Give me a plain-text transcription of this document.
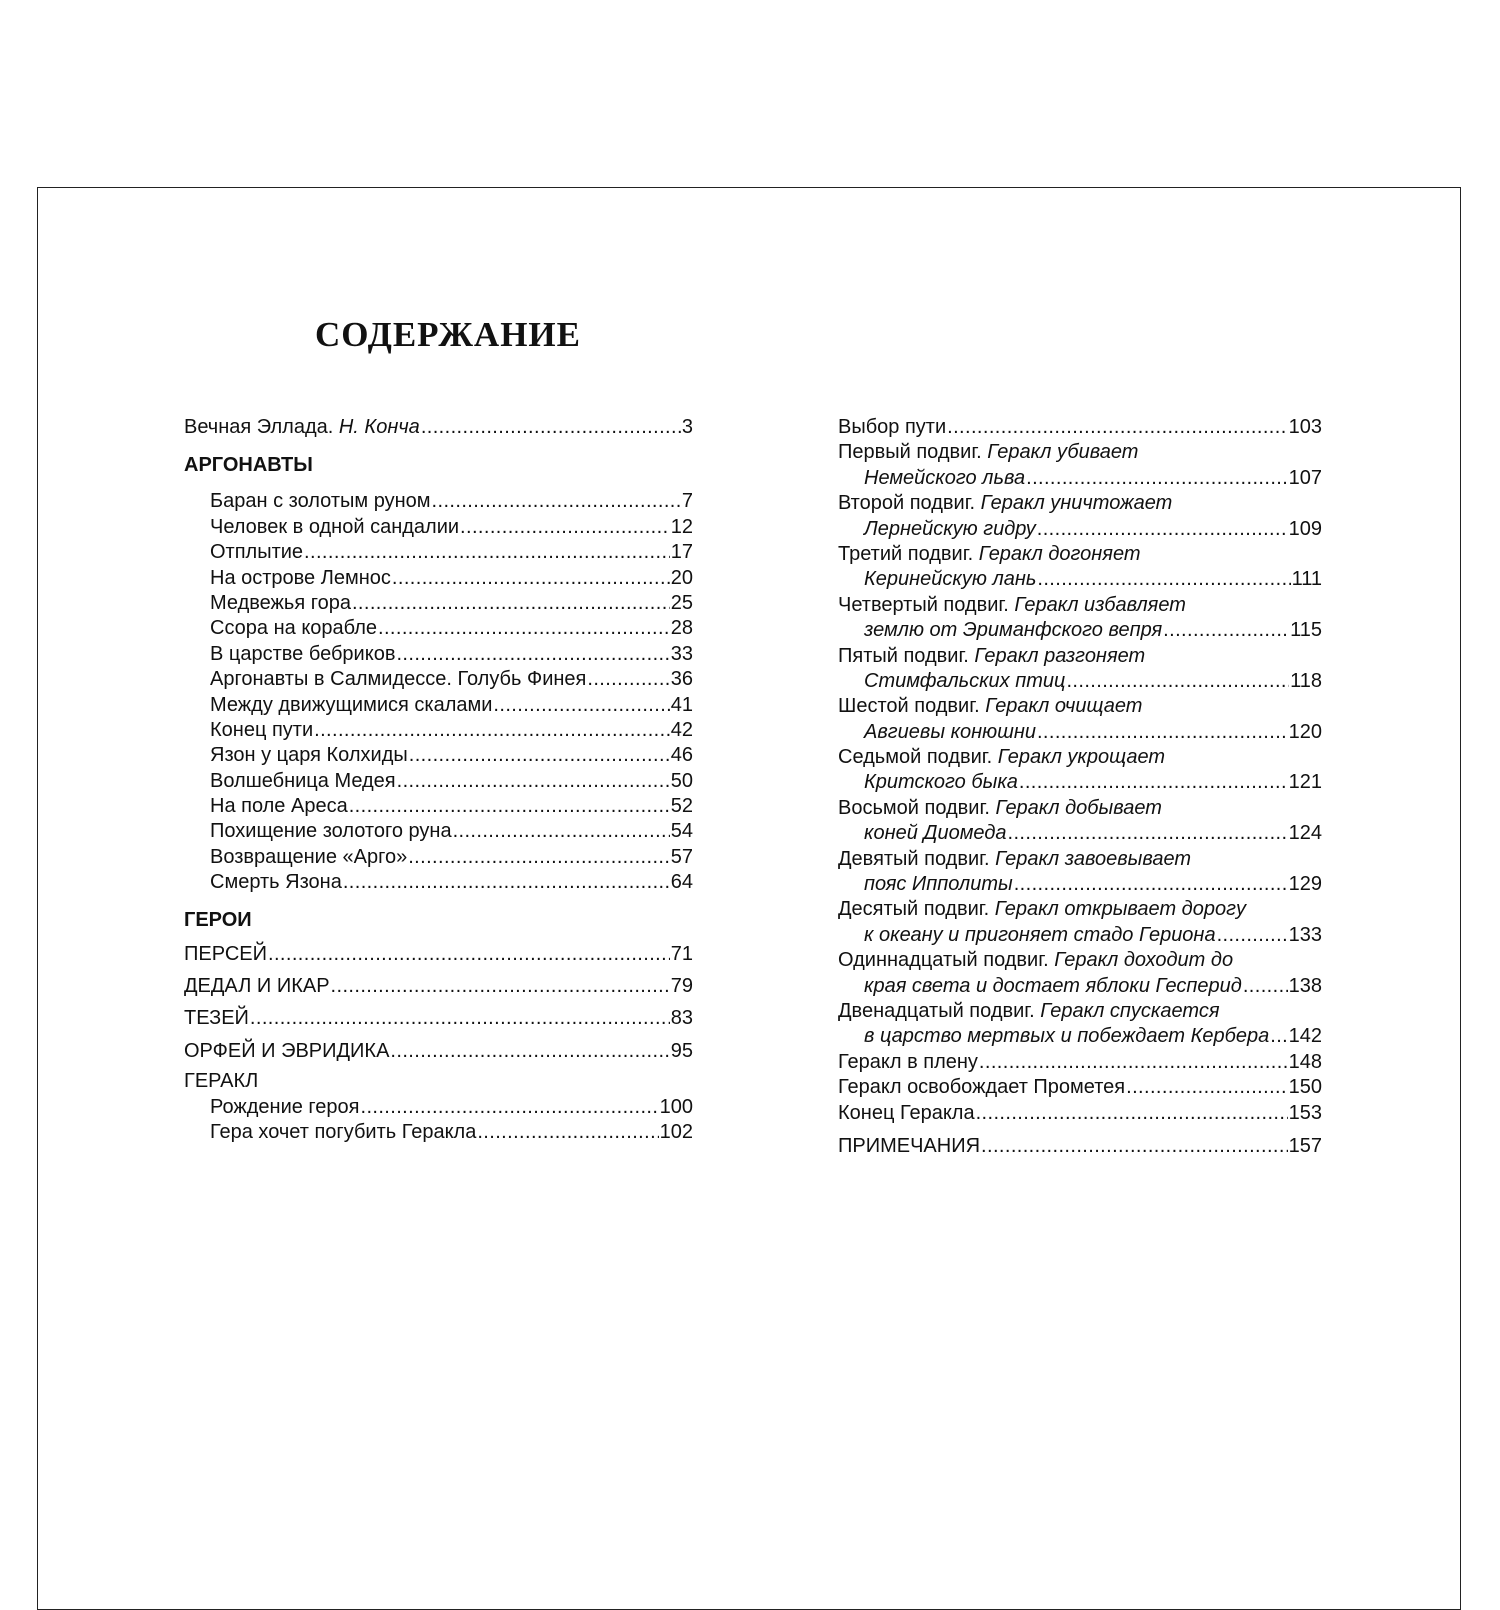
СОДЕРЖАНИЕ
Вечная Эллада. Н. Конча .....	3
АРГОНАВТЫ
Баран с золотым руном .....	7
Человек в одной сандалии .....	12
Отплытие .....	17
На острове Лемнос .....	20
Медвежья гора .....	25
Ссора на корабле .....	28
В царстве бебриков .....	33
Аргонавты в Салмидессе. Голубь Финея .....	36
Между движущимися скалами .....	41
Конец пути .....	42
Язон у царя Колхиды .....	46
Волшебница Медея .....	50
На поле Ареса .....	52
Похищение золотого руна .....	54
Возвращение «Арго» .....	57
Смерть Язона .....	64
ГЕРОИ
ПЕРСЕЙ .....	71
ДЕДАЛ И ИКАР .....	79
ТЕЗЕЙ .....	83
ОРФЕЙ И ЭВРИДИКА .....	95
ГЕРАКЛ
Рождение героя .....	100
Гера хочет погубить Геракла .....	102
Выбор пути .....	103
Первый подвиг. Геракл убивает
Немейского льва .....	107
Второй подвиг. Геракл уничтожает
Лернейскую гидру .....	109
Третий подвиг. Геракл догоняет
Керинейскую лань .....	111
Четвертый подвиг. Геракл избавляет
землю от Эриманфского вепря .....	115
Пятый подвиг. Геракл разгоняет
Стимфальских птиц .....	118
Шестой подвиг. Геракл очищает
Авгиевы конюшни .....	120
Седьмой подвиг. Геракл укрощает
Критского быка .....	121
Восьмой подвиг. Геракл добывает
коней Диомеда .....	124
Девятый подвиг. Геракл завоевывает
пояс Ипполиты .....	129
Десятый подвиг. Геракл открывает дорогу
к океану и пригоняет стадо Гериона .....	133
Одиннадцатый подвиг. Геракл доходит до
края света и достает яблоки Гесперид ..... 138
Двенадцатый подвиг. Геракл спускается
в царство мертвых и побеждает Кербера ..... 142
Геракл в плену .....	148
Геракл освобождает Прометея .....	150
Конец Геракла .....	153
ПРИМЕЧАНИЯ .....	157
